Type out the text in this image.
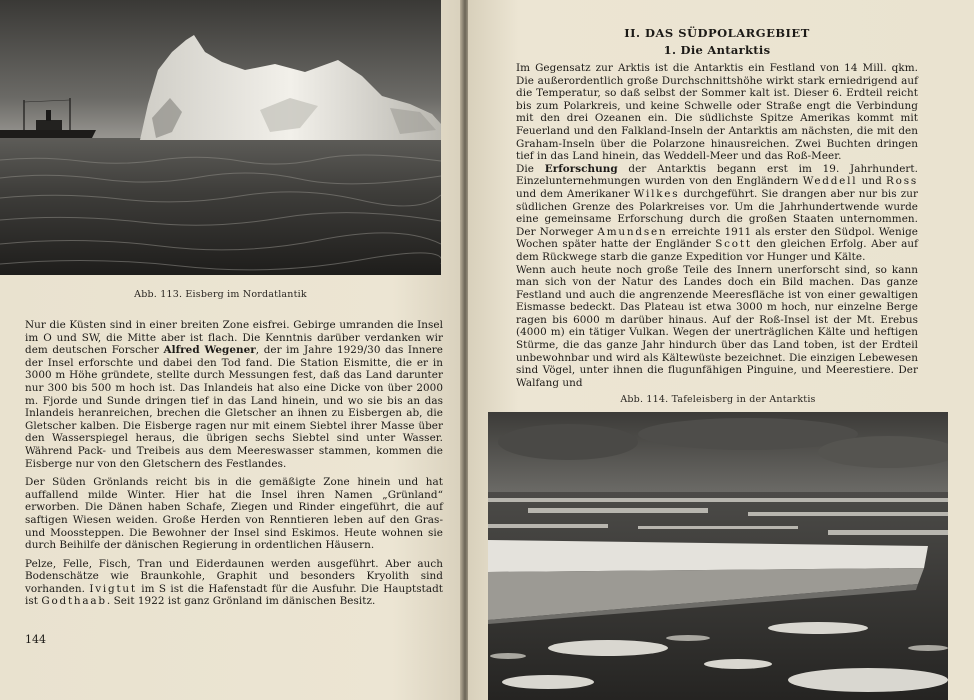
Abb. 113. Eisberg im Nordatlantik

Nur die Küsten sind in einer breiten Zone eisfrei. Gebirge umranden die Insel im O und SW, die Mitte aber ist flach. Die Kenntnis darüber verdanken wir dem deutschen Forscher Alfred Wegener, der im Jahre 1929/30 das Innere der Insel erforschte und dabei den Tod fand. Die Station Eismitte, die er in 3000 m Höhe gründete, stellte durch Messungen fest, daß das Land darunter nur 300 bis 500 m hoch ist. Das Inlandeis hat also eine Dicke von über 2000 m. Fjorde und Sunde dringen tief in das Land hinein, und wo sie bis an das Inlandeis heranreichen, brechen die Gletscher an ihnen zu Eisbergen ab, die Gletscher kalben. Die Eisberge ragen nur mit einem Siebtel ihrer Masse über den Wasserspiegel heraus, die übrigen sechs Siebtel sind unter Wasser. Während Pack- und Treibeis aus dem Meereswasser stammen, kommen die Eisberge nur von den Gletschern des Festlandes.

Der Süden Grönlands reicht bis in die gemäßigte Zone hinein und hat auffallend milde Winter. Hier hat die Insel ihren Namen „Grünland“ erworben. Die Dänen haben Schafe, Ziegen und Rinder eingeführt, die auf saftigen Wiesen weiden. Große Herden von Renntieren leben auf den Gras- und Moossteppen. Die Bewohner der Insel sind Eskimos. Heute wohnen sie durch Beihilfe der dänischen Regierung in ordentlichen Häusern.

Pelze, Felle, Fisch, Tran und Eiderdaunen werden ausgeführt. Aber auch Bodenschätze wie Braunkohle, Graphit und besonders Kryolith sind vorhanden. Ivigtut im S ist die Hafenstadt für die Ausfuhr. Die Hauptstadt ist Godthaab. Seit 1922 ist ganz Grönland im dänischen Besitz.

144
II. DAS SÜDPOLARGEBIET
1. Die Antarktis

Im Gegensatz zur Arktis ist die Antarktis ein Festland von 14 Mill. qkm. Die außerordentlich große Durchschnittshöhe wirkt stark erniedrigend auf die Temperatur, so daß selbst der Sommer kalt ist. Dieser 6. Erdteil reicht bis zum Polarkreis, und keine Schwelle oder Straße engt die Verbindung mit den drei Ozeanen ein. Die südlichste Spitze Amerikas kommt mit Feuerland und den Falkland-Inseln der Antarktis am nächsten, die mit den Graham-Inseln über die Polarzone hinausreichen. Zwei Buchten dringen tief in das Land hinein, das Weddell-Meer und das Roß-Meer.

Die Erforschung der Antarktis begann erst im 19. Jahrhundert. Einzelunternehmungen wurden von den Engländern Weddell und Ross und dem Amerikaner Wilkes durchgeführt. Sie drangen aber nur bis zur südlichen Grenze des Polarkreises vor. Um die Jahrhundertwende wurde eine gemeinsame Erforschung durch die großen Staaten unternommen. Der Norweger Amundsen erreichte 1911 als erster den Südpol. Wenige Wochen später hatte der Engländer Scott den gleichen Erfolg. Aber auf dem Rückwege starb die ganze Expedition vor Hunger und Kälte.

Wenn auch heute noch große Teile des Innern unerforscht sind, so kann man sich von der Natur des Landes doch ein Bild machen. Das ganze Festland und auch die angrenzende Meeresfläche ist von einer gewaltigen Eismasse bedeckt. Das Plateau ist etwa 3000 m hoch, nur einzelne Berge ragen bis 6000 m darüber hinaus. Auf der Roß-Insel ist der Mt. Erebus (4000 m) ein tätiger Vulkan. Wegen der unerträglichen Kälte und heftigen Stürme, die das ganze Jahr hindurch über das Land toben, ist der Erdteil unbewohnbar und wird als Kältewüste bezeichnet. Die einzigen Lebewesen sind Vögel, unter ihnen die flugunfähigen Pinguine, und Meerestiere. Der Walfang und

Abb. 114. Tafeleisberg in der Antarktis
